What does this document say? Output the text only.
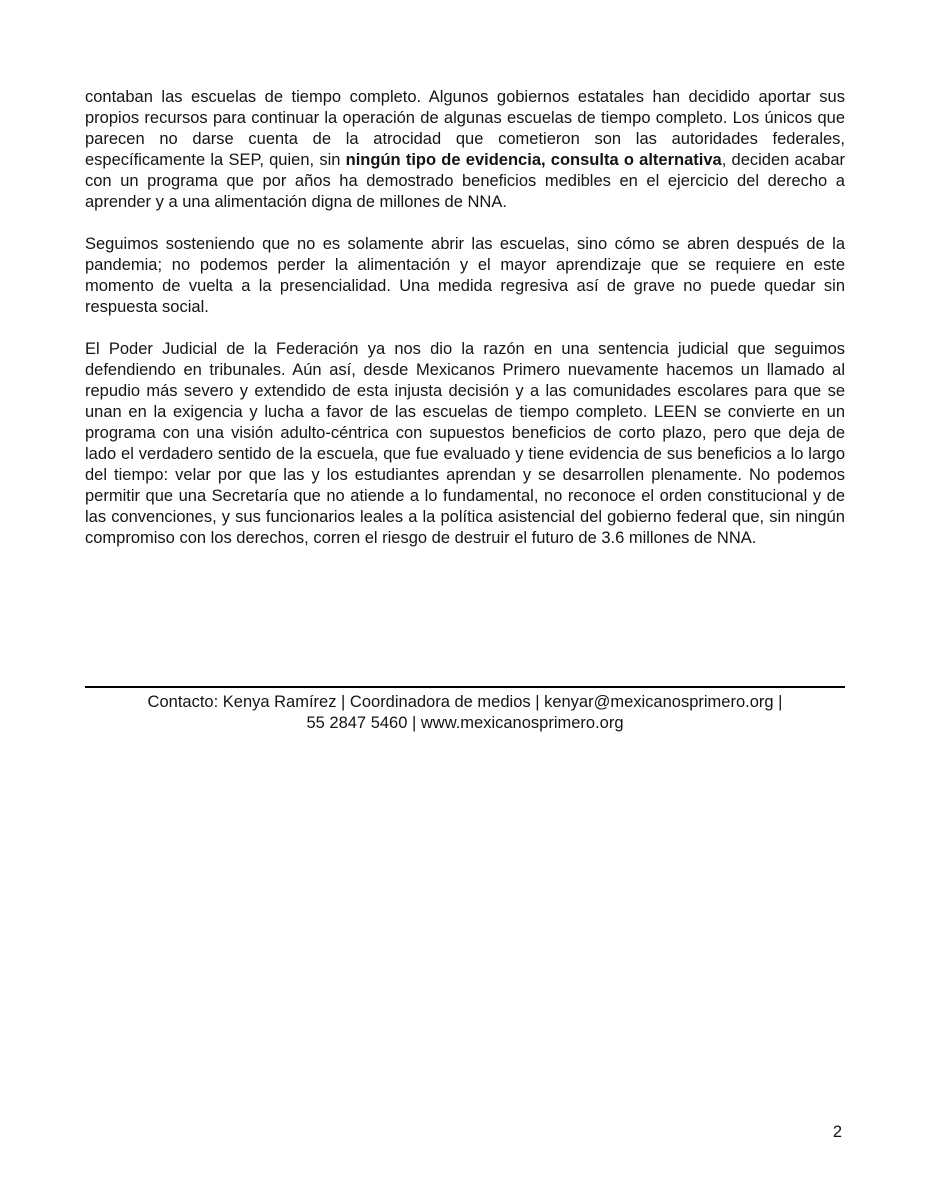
contaban las escuelas de tiempo completo. Algunos gobiernos estatales han decidido aportar sus propios recursos para continuar la operación de algunas escuelas de tiempo completo. Los únicos que parecen no darse cuenta de la atrocidad que cometieron son las autoridades federales, específicamente la SEP, quien, sin ningún tipo de evidencia, consulta o alternativa, deciden acabar con un programa que por años ha demostrado beneficios medibles en el ejercicio del derecho a aprender y a una alimentación digna de millones de NNA.

Seguimos sosteniendo que no es solamente abrir las escuelas, sino cómo se abren después de la pandemia; no podemos perder la alimentación y el mayor aprendizaje que se requiere en este momento de vuelta a la presencialidad. Una medida regresiva así de grave no puede quedar sin respuesta social.

El Poder Judicial de la Federación ya nos dio la razón en una sentencia judicial que seguimos defendiendo en tribunales. Aún así, desde Mexicanos Primero nuevamente hacemos un llamado al repudio más severo y extendido de esta injusta decisión y a las comunidades escolares para que se unan en la exigencia y lucha a favor de las escuelas de tiempo completo. LEEN se convierte en un programa con una visión adulto-céntrica con supuestos beneficios de corto plazo, pero que deja de lado el verdadero sentido de la escuela, que fue evaluado y tiene evidencia de sus beneficios a lo largo del tiempo: velar por que las y los estudiantes aprendan y se desarrollen plenamente. No podemos permitir que una Secretaría que no atiende a lo fundamental, no reconoce el orden constitucional y de las convenciones, y sus funcionarios leales a la política asistencial del gobierno federal que, sin ningún compromiso con los derechos, corren el riesgo de destruir el futuro de 3.6 millones de NNA.

Contacto: Kenya Ramírez | Coordinadora de medios | kenyar@mexicanosprimero.org |
55 2847 5460 | www.mexicanosprimero.org
2
